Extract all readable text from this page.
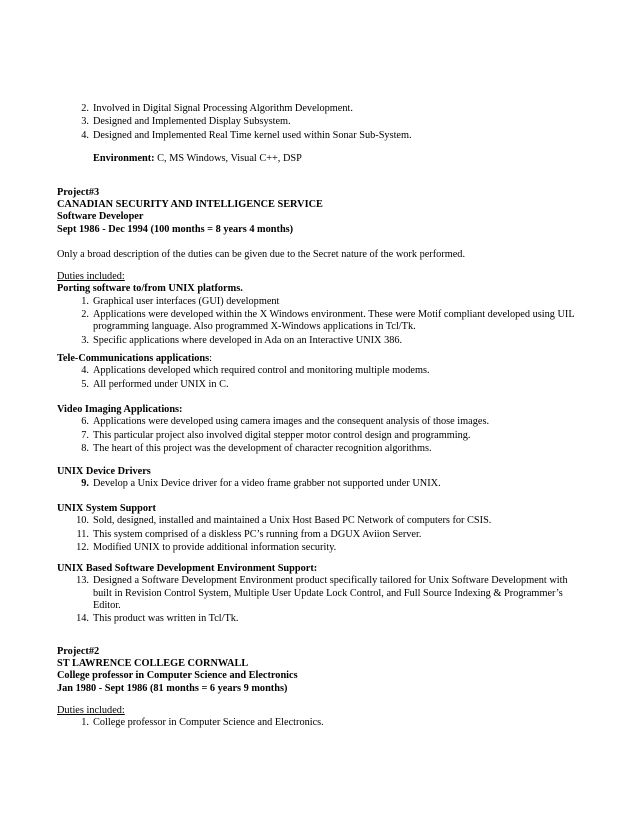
2. Involved in Digital Signal Processing Algorithm Development.
3. Designed and Implemented Display Subsystem.
4. Designed and Implemented Real Time kernel used within Sonar Sub-System.
Environment: C, MS Windows, Visual C++, DSP
Project#3
CANADIAN SECURITY AND INTELLIGENCE SERVICE
Software Developer
Sept 1986 - Dec 1994 (100 months = 8 years 4 months)
Only a broad description of the duties can be given due to the Secret nature of the work performed.
Duties included:
Porting software to/from UNIX platforms.
1. Graphical user interfaces (GUI) development
2. Applications were developed within the X Windows environment. These were Motif compliant developed using UIL
programming language. Also programmed X-Windows applications in Tcl/Tk.
3. Specific applications where developed in Ada on an Interactive UNIX 386.
Tele-Communications applications:
4. Applications developed which required control and monitoring multiple modems.
5. All performed under UNIX in C.
Video Imaging Applications:
6. Applications were developed using camera images and the consequent analysis of those images.
7. This particular project also involved digital stepper motor control design and programming.
8. The heart of this project was the development of character recognition algorithms.
UNIX Device Drivers
9. Develop a Unix Device driver for a video frame grabber not supported under UNIX.
UNIX System Support
10. Sold, designed, installed and maintained a Unix Host Based PC Network of computers for CSIS.
11. This system comprised of a diskless PC’s running from a DGUX Aviion Server.
12. Modified UNIX to provide additional information security.
UNIX Based Software Development Environment Support:
13. Designed a Software Development Environment product specifically tailored for Unix Software Development with
built in Revision Control System, Multiple User Update Lock Control, and Full Source Indexing & Programmer’s
Editor.
14. This product was written in Tcl/Tk.
Project#2
ST LAWRENCE COLLEGE CORNWALL
College professor in Computer Science and Electronics
Jan 1980 - Sept 1986 (81 months = 6 years 9 months)
Duties included:
1. College professor in Computer Science and Electronics.
